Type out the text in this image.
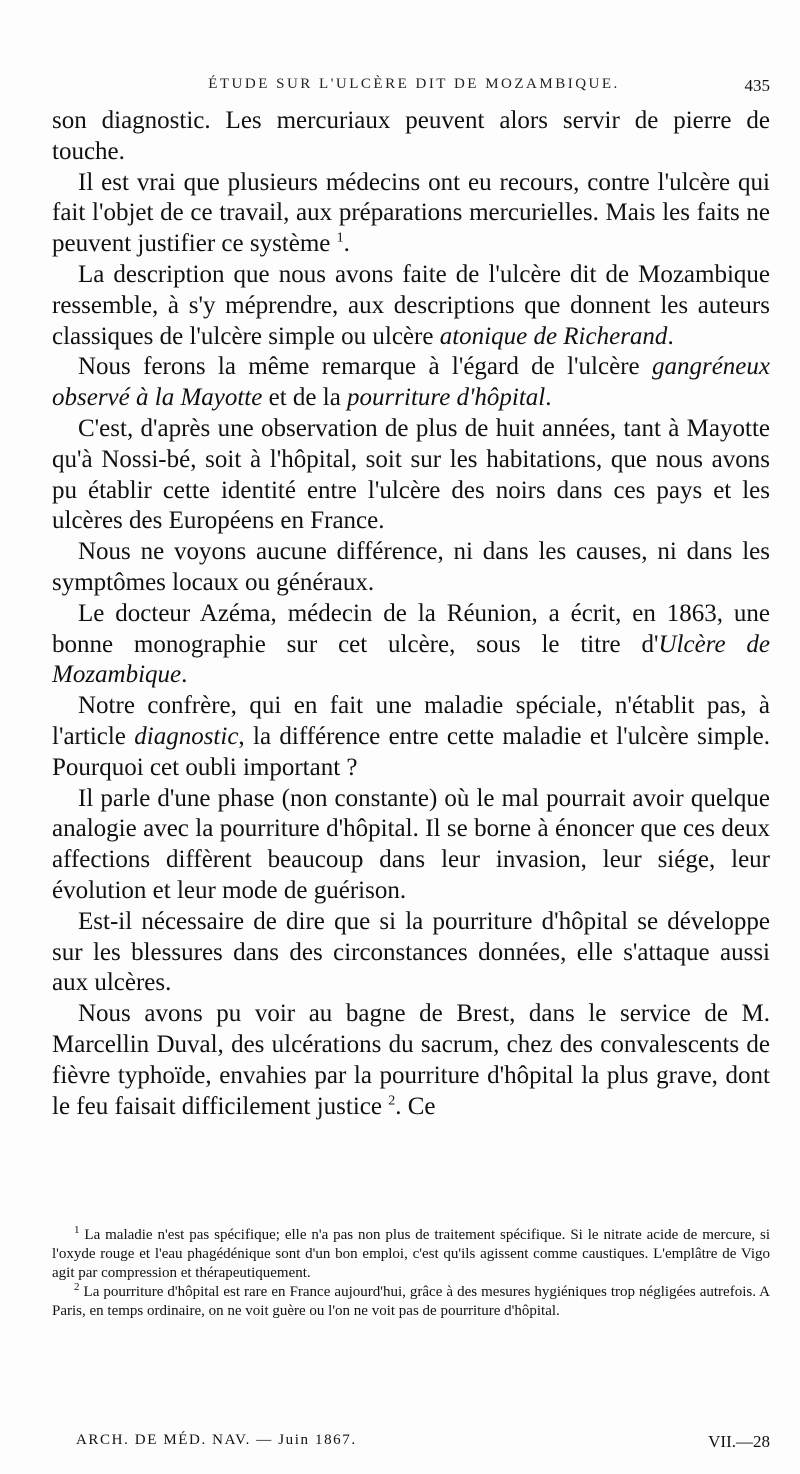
ÉTUDE SUR L'ULCÈRE DIT DE MOZAMBIQUE.	435

son diagnostic. Les mercuriaux peuvent alors servir de pierre de touche.

Il est vrai que plusieurs médecins ont eu recours, contre l'ulcère qui fait l'objet de ce travail, aux préparations mercurielles. Mais les faits ne peuvent justifier ce système $^1$.

La description que nous avons faite de l'ulcère dit de Mozambique ressemble, à s'y méprendre, aux descriptions que donnent les auteurs classiques de l'ulcère simple ou ulcère atonique de Richerand.

Nous ferons la même remarque à l'égard de l'ulcère gangréneux observé à la Mayotte et de la pourriture d'hôpital.

C'est, d'après une observation de plus de huit années, tant à Mayotte qu'à Nossi-bé, soit à l'hôpital, soit sur les habitations, que nous avons pu établir cette identité entre l'ulcère des noirs dans ces pays et les ulcères des Européens en France.

Nous ne voyons aucune différence, ni dans les causes, ni dans les symptômes locaux ou généraux.

Le docteur Azéma, médecin de la Réunion, a écrit, en 1863, une bonne monographie sur cet ulcère, sous le titre d'Ulcère de Mozambique.

Notre confrère, qui en fait une maladie spéciale, n'établit pas, à l'article diagnostic, la différence entre cette maladie et l'ulcère simple. Pourquoi cet oubli important ?

Il parle d'une phase (non constante) où le mal pourrait avoir quelque analogie avec la pourriture d'hôpital. Il se borne à énoncer que ces deux affections diffèrent beaucoup dans leur invasion, leur siége, leur évolution et leur mode de guérison.

Est-il nécessaire de dire que si la pourriture d'hôpital se développe sur les blessures dans des circonstances données, elle s'attaque aussi aux ulcères.

Nous avons pu voir au bagne de Brest, dans le service de M. Marcellin Duval, des ulcérations du sacrum, chez des convalescents de fièvre typhoïde, envahies par la pourriture d'hôpital la plus grave, dont le feu faisait difficilement justice $^2$. Ce

$^1$ La maladie n'est pas spécifique; elle n'a pas non plus de traitement spécifique. Si le nitrate acide de mercure, si l'oxyde rouge et l'eau phagédénique sont d'un bon emploi, c'est qu'ils agissent comme caustiques. L'emplâtre de Vigo agit par compression et thérapeutiquement.

$^2$ La pourriture d'hôpital est rare en France aujourd'hui, grâce à des mesures hygiéniques trop négligées autrefois. A Paris, en temps ordinaire, on ne voit guère ou l'on ne voit pas de pourriture d'hôpital.

ARCH. DE MÉD. NAV. — Juin 1867.	VII.—28
